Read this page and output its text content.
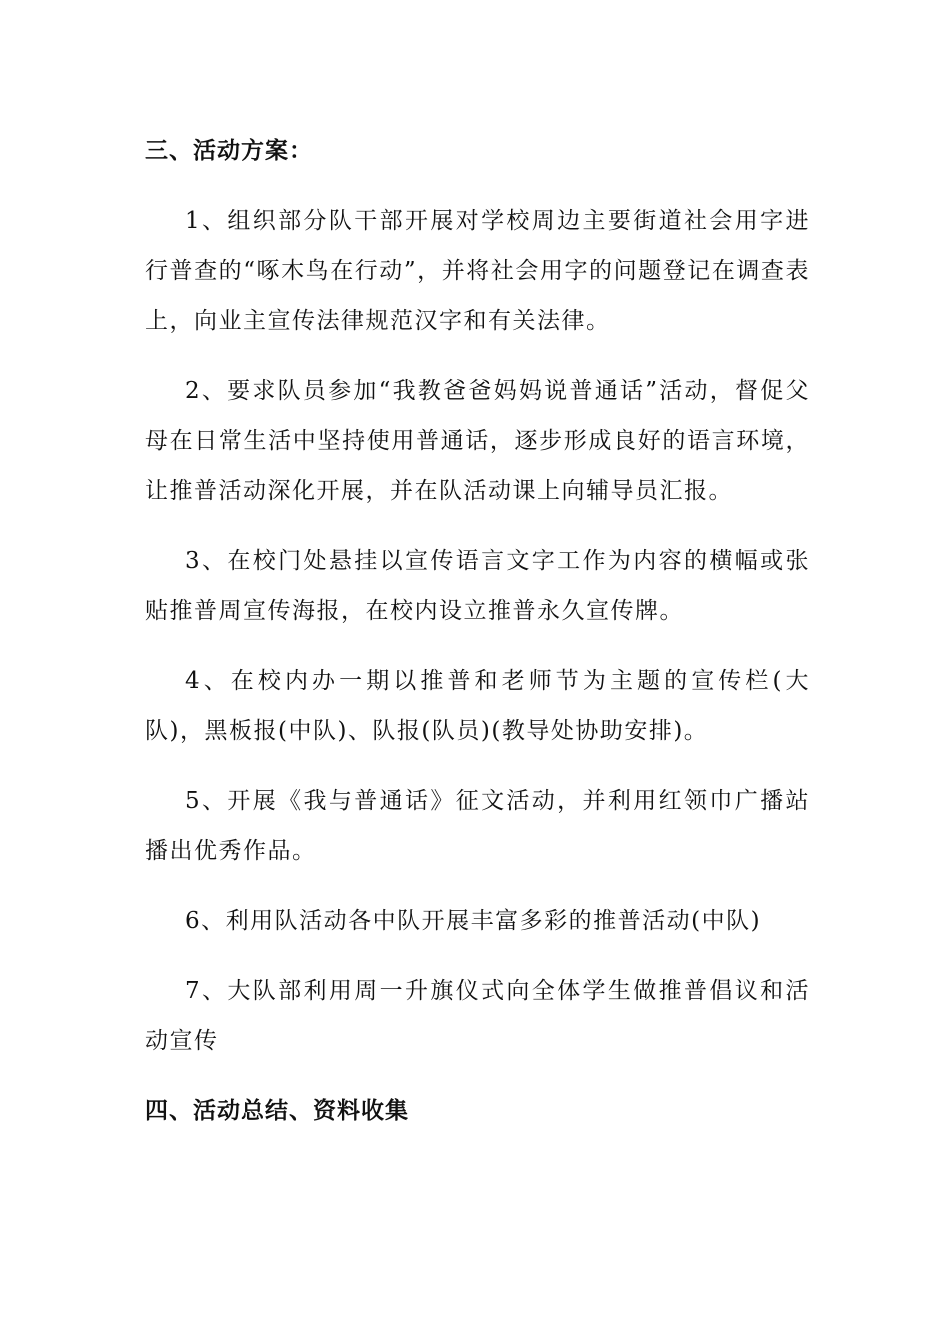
三、活动方案：

1、组织部分队干部开展对学校周边主要街道社会用字进行普查的“啄木鸟在行动”，并将社会用字的问题登记在调查表上，向业主宣传法律规范汉字和有关法律。

2、要求队员参加“我教爸爸妈妈说普通话”活动，督促父母在日常生活中坚持使用普通话，逐步形成良好的语言环境，让推普活动深化开展，并在队活动课上向辅导员汇报。

3、在校门处悬挂以宣传语言文字工作为内容的横幅或张贴推普周宣传海报，在校内设立推普永久宣传牌。

4、在校内办一期以推普和老师节为主题的宣传栏(大队)，黑板报(中队)、队报(队员)(教导处协助安排)。

5、开展《我与普通话》征文活动，并利用红领巾广播站播出优秀作品。

6、利用队活动各中队开展丰富多彩的推普活动(中队)

7、大队部利用周一升旗仪式向全体学生做推普倡议和活动宣传

四、活动总结、资料收集
